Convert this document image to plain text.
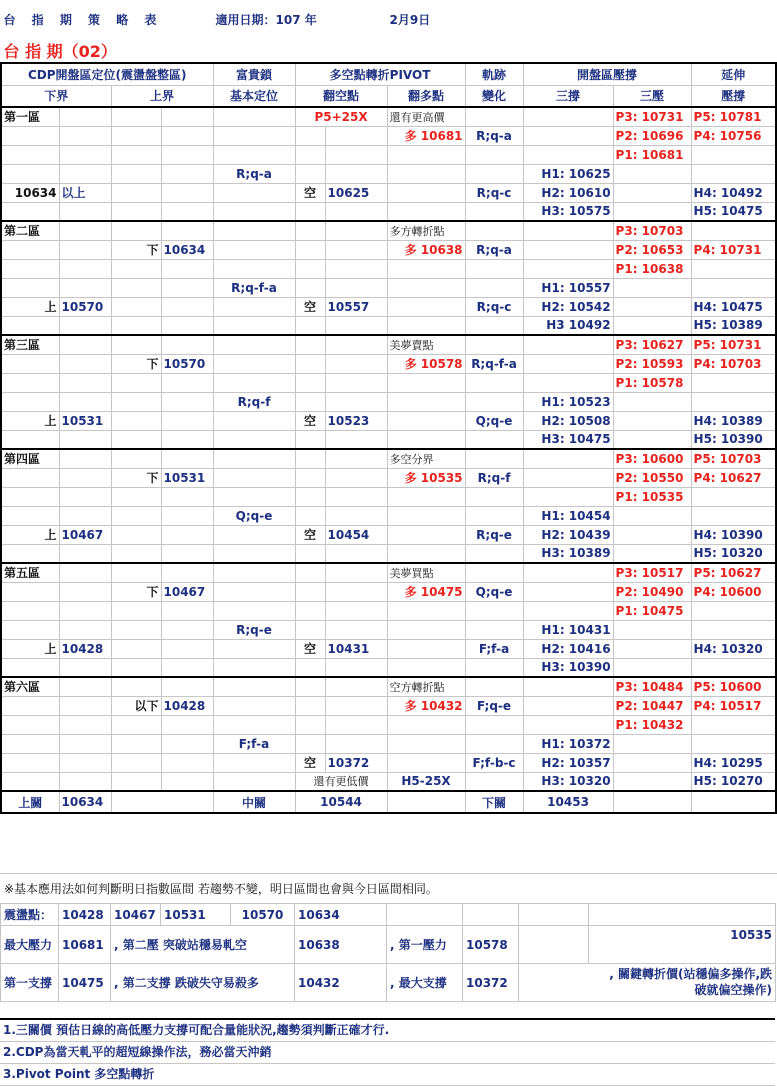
台 指 期 策 略 表				適用日期：107 年			2月9日				
台 指 期（02）											
CDP開盤區定位(震盪盤整區)				富貴鎖	多空點轉折PIVOT			軌跡	開盤區壓撐		延伸
下界		上界		基本定位	翻空點		翻多點	變化	三撐	三壓	壓撐
第一區					P5+25X		還有更高價			P3: 10731	P5: 10781
							多 10681	R;q-a		P2: 10696	P4: 10756
										P1: 10681	
				R;q-a					H1: 10625		
10634	以上				空	10625		R;q-c	H2: 10610		H4: 10492
									H3: 10575		H5: 10475
第二區							多方轉折點			P3: 10703	
		下	10634				多 10638	R;q-a		P2: 10653	P4: 10731
										P1: 10638	
				R;q-f-a					H1: 10557		
上	10570				空	10557		R;q-c	H2: 10542		H4: 10475
									H3 10492		H5: 10389
第三區							美夢賣點			P3: 10627	P5: 10731
		下	10570				多 10578	R;q-f-a		P2: 10593	P4: 10703
										P1: 10578	
				R;q-f					H1: 10523		
上	10531				空	10523		Q;q-e	H2: 10508		H4: 10389
									H3: 10475		H5: 10390
第四區							多空分界			P3: 10600	P5: 10703
		下	10531				多 10535	R;q-f		P2: 10550	P4: 10627
										P1: 10535	
				Q;q-e					H1: 10454		
上	10467				空	10454		R;q-e	H2: 10439		H4: 10390
									H3: 10389		H5: 10320
第五區							美夢買點			P3: 10517	P5: 10627
		下	10467				多 10475	Q;q-e		P2: 10490	P4: 10600
										P1: 10475	
				R;q-e					H1: 10431		
上	10428				空	10431		F;f-a	H2: 10416		H4: 10320
									H3: 10390		
第六區							空方轉折點			P3: 10484	P5: 10600
		以下	10428				多 10432	F;q-e		P2: 10447	P4: 10517
										P1: 10432	
				F;f-a					H1: 10372		
					空	10372		F;f-b-c	H2: 10357		H4: 10295
					還有更低價		H5-25X		H3: 10320		H5: 10270
上關	10634			中關	10544			下關	10453		
※基本應用法如何判斷明日指數區間 若趨勢不變，明日區間也會與今日區間相同。
震盪點：	10428	10467	10531	10570	10634				
最大壓力	10681	, 第二壓 突破站穩易軋空			10638	, 第一壓力	10578		10535
第一支撐	10475	, 第二支撐 跌破失守易殺多			10432	, 最大支撐	10372	, 關鍵轉折價(站穩偏多操作,跌
破就偏空操作)	
1.三關價 預估日線的高低壓力支撐可配合量能狀況,趨勢須判斷正確才行.
2.CDP為當天軋平的超短線操作法，務必當天沖銷
3.Pivot Point 多空點轉折
